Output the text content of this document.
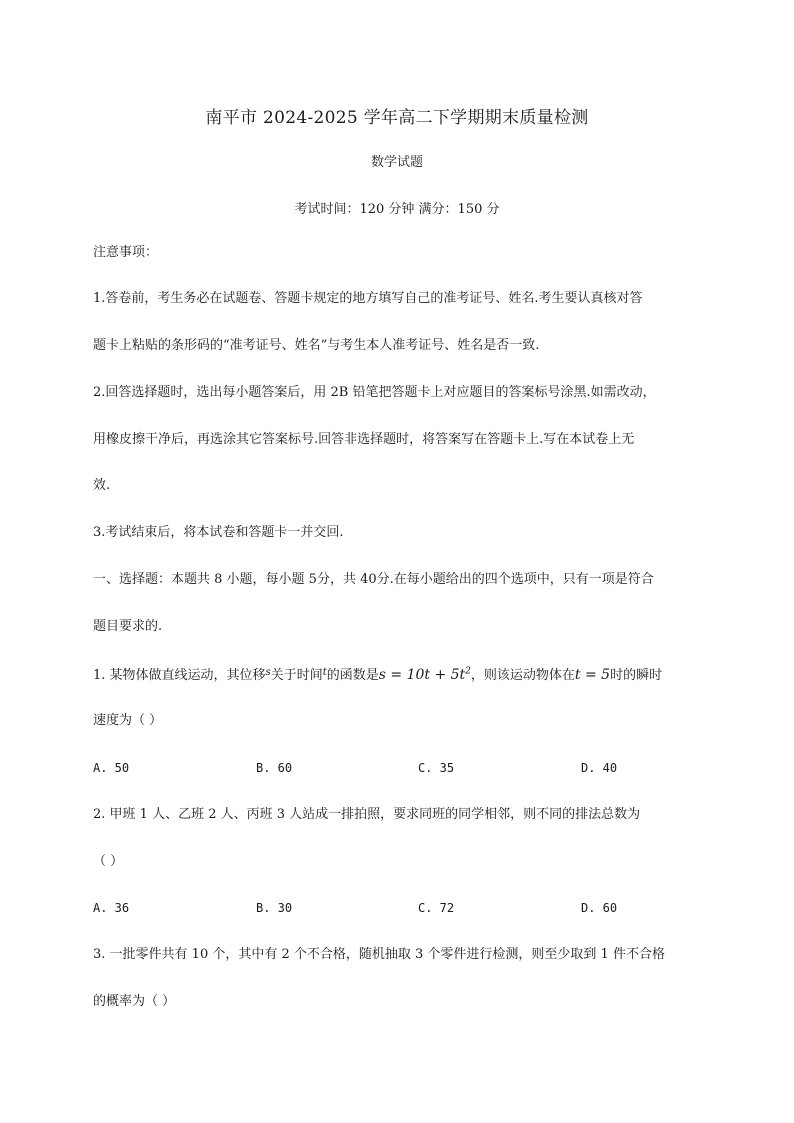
南平市 2024-2025 学年高二下学期期末质量检测
数学试题
考试时间：120 分钟 满分：150 分
注意事项：
1.答卷前，考生务必在试题卷、答题卡规定的地方填写自己的准考证号、姓名.考生要认真核对答
题卡上粘贴的条形码的“准考证号、姓名”与考生本人准考证号、姓名是否一致.
2.回答选择题时，选出每小题答案后，用 2B 铅笔把答题卡上对应题目的答案标号涂黑.如需改动，
用橡皮擦干净后，再选涂其它答案标号.回答非选择题时，将答案写在答题卡上.写在本试卷上无
效.
3.考试结束后，将本试卷和答题卡一并交回.
一、选择题：本题共 8 小题，每小题 5分，共 40分.在每小题给出的四个选项中，只有一项是符合
题目要求的.
1. 某物体做直线运动，其位移$^s$关于时间$^t$的函数是$s = 10t + 5t^2$，则该运动物体在t = 5时的瞬时
速度为（ ）
A. 50	B. 60	C. 35	D. 40
2. 甲班 1 人、乙班 2 人、丙班 3 人站成一排拍照，要求同班的同学相邻，则不同的排法总数为
（ ）
A. 36	B. 30	C. 72	D. 60
3. 一批零件共有 10 个，其中有 2 个不合格，随机抽取 3 个零件进行检测，则至少取到 1 件不合格
的概率为（ ）
